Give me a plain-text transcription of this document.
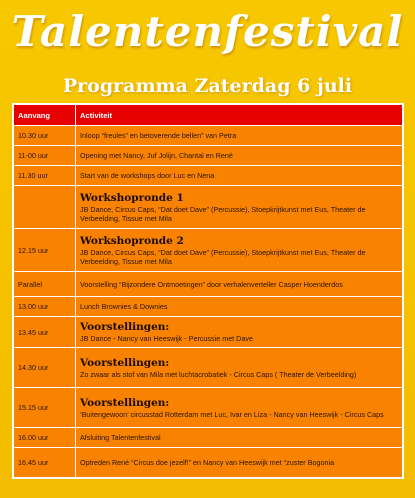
Talentenfestival
Programma Zaterdag 6 juli
Aanvang	Activiteit
10.30 uur	Inloop “freules” en betoverende bellen” van Petra

11-00 uur	Opening met Nancy, Juf Jolijn, Chantal en René

11.30 uur	Start van de workshops door Luc en Nena

	Workshopronde 1
JB Dance, Circus Caps, “Dat doet Dave” (Percussie), Stoepkrijtkunst met Eus, Theater de Verbeelding, Tissue met Mila

12.15 uur	Workshopronde 2
JB Dance, Circus Caps, “Dat doet Dave” (Percussie), Stoepkrijtkunst met Eus, Theater de Verbeelding, Tissue met Mila

Parallel	Voorstelling “Bijzondere Ontmoetingen” door verhalenverteller Casper Hoenderdos

13.00 uur	Lunch Brownies & Downies

13.45 uur	Voorstellingen:
JB Dance - Nancy van Heeswijk - Percussie met Dave

14.30 uur	Voorstellingen:
Zo zwaar als stof van Mila met luchtacrobatiek - Circus Caps ( Theater de Verbeelding)

15.15 uur	Voorstellingen:
‘Buitengewoon’ circusstad Rotterdam met Luc, Ivar en Liza - Nancy van Heeswijk - Circus Caps

16.00 uur	Afsluiting Talentenfestival

16.45 uur	Optreden René “Circus doe jezelf!” en Nancy van Heeswijk met “zuster Bogonia
